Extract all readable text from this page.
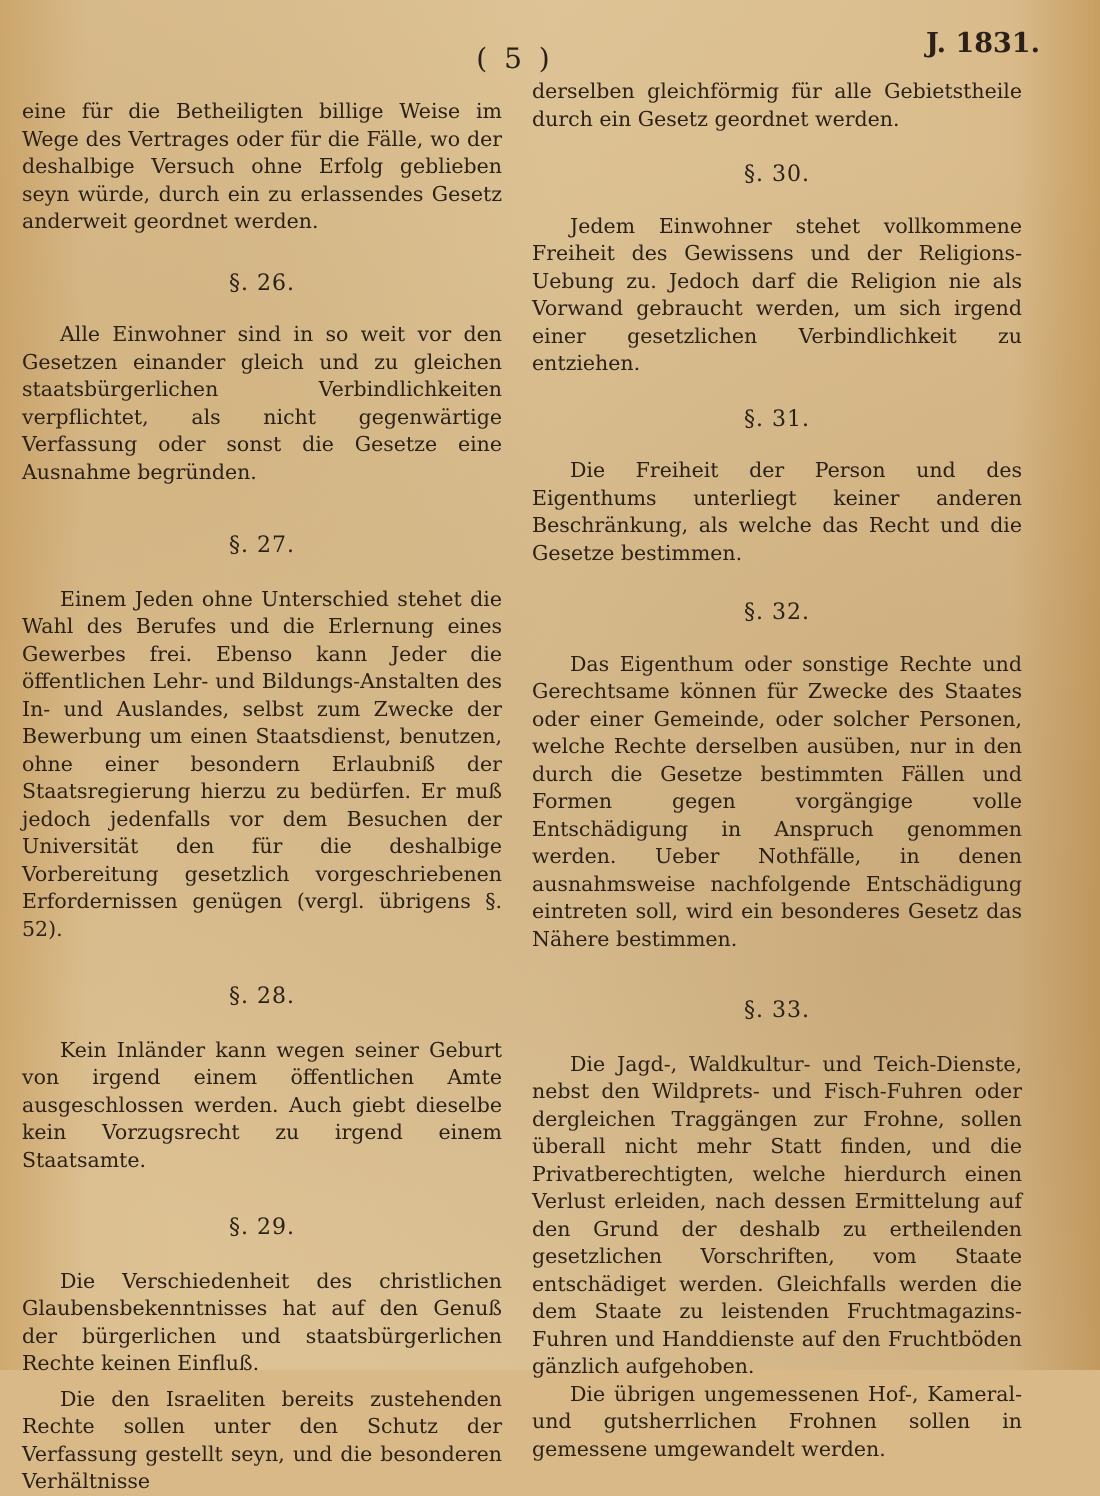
( 5 )	J. 1831.

eine für die Betheiligten billige Weise im Wege des Vertrages oder für die Fälle, wo der deshalbige Versuch ohne Erfolg geblieben seyn würde, durch ein zu erlassendes Gesetz anderweit geordnet werden.

§. 26.

Alle Einwohner sind in so weit vor den Gesetzen einander gleich und zu gleichen staatsbürgerlichen Verbindlichkeiten verpflichtet, als nicht gegenwärtige Verfassung oder sonst die Gesetze eine Ausnahme begründen.

§. 27.

Einem Jeden ohne Unterschied stehet die Wahl des Berufes und die Erlernung eines Gewerbes frei. Ebenso kann Jeder die öffentlichen Lehr- und Bildungs-Anstalten des In- und Auslandes, selbst zum Zwecke der Bewerbung um einen Staatsdienst, benutzen, ohne einer besondern Erlaubniß der Staatsregierung hierzu zu bedürfen. Er muß jedoch jedenfalls vor dem Besuchen der Universität den für die deshalbige Vorbereitung gesetzlich vorgeschriebenen Erfordernissen genügen (vergl. übrigens §. 52).

§. 28.

Kein Inländer kann wegen seiner Geburt von irgend einem öffentlichen Amte ausgeschlossen werden. Auch giebt dieselbe kein Vorzugsrecht zu irgend einem Staatsamte.

§. 29.

Die Verschiedenheit des christlichen Glaubensbekenntnisses hat auf den Genuß der bürgerlichen und staatsbürgerlichen Rechte keinen Einfluß.

Die den Israeliten bereits zustehenden Rechte sollen unter den Schutz der Verfassung gestellt seyn, und die besonderen Verhältnisse

derselben gleichförmig für alle Gebietstheile durch ein Gesetz geordnet werden.

§. 30.

Jedem Einwohner stehet vollkommene Freiheit des Gewissens und der Religions-Uebung zu. Jedoch darf die Religion nie als Vorwand gebraucht werden, um sich irgend einer gesetzlichen Verbindlichkeit zu entziehen.

§. 31.

Die Freiheit der Person und des Eigenthums unterliegt keiner anderen Beschränkung, als welche das Recht und die Gesetze bestimmen.

§. 32.

Das Eigenthum oder sonstige Rechte und Gerechtsame können für Zwecke des Staates oder einer Gemeinde, oder solcher Personen, welche Rechte derselben ausüben, nur in den durch die Gesetze bestimmten Fällen und Formen gegen vorgängige volle Entschädigung in Anspruch genommen werden. Ueber Nothfälle, in denen ausnahmsweise nachfolgende Entschädigung eintreten soll, wird ein besonderes Gesetz das Nähere bestimmen.

§. 33.

Die Jagd-, Waldkultur- und Teich-Dienste, nebst den Wildprets- und Fisch-Fuhren oder dergleichen Traggängen zur Frohne, sollen überall nicht mehr Statt finden, und die Privatberechtigten, welche hierdurch einen Verlust erleiden, nach dessen Ermittelung auf den Grund der deshalb zu ertheilenden gesetzlichen Vorschriften, vom Staate entschädiget werden. Gleichfalls werden die dem Staate zu leistenden Fruchtmagazins-Fuhren und Handdienste auf den Fruchtböden gänzlich aufgehoben.

Die übrigen ungemessenen Hof-, Kameral- und gutsherrlichen Frohnen sollen in gemessene umgewandelt werden.
